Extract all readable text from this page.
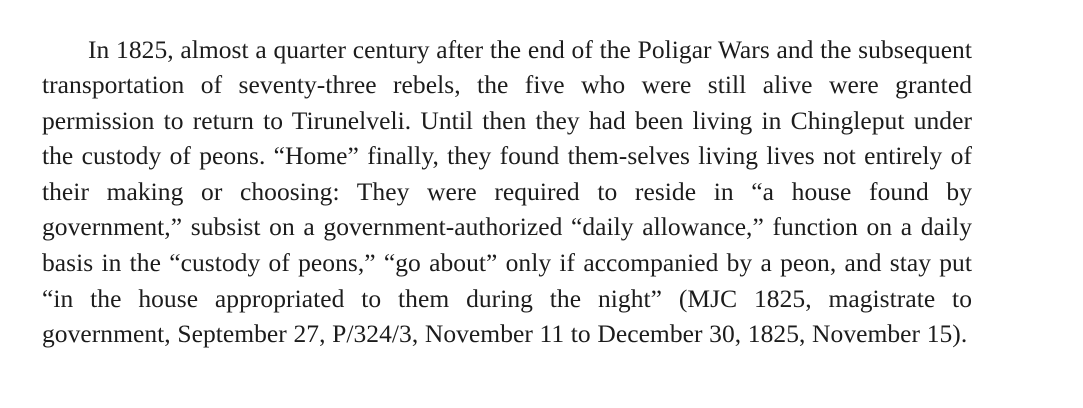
In 1825, almost a quarter century after the end of the Poligar Wars and the subsequent transportation of seventy-three rebels, the five who were still alive were granted permission to return to Tirunelveli. Until then they had been living in Chingleput under the custody of peons. “Home” finally, they found them-selves living lives not entirely of their making or choosing: They were required to reside in “a house found by government,” subsist on a government-authorized “daily allowance,” function on a daily basis in the “custody of peons,” “go about” only if accompanied by a peon, and stay put “in the house appropriated to them during the night” (MJC 1825, magistrate to government, September 27, P/324/3, November 11 to December 30, 1825, November 15).
